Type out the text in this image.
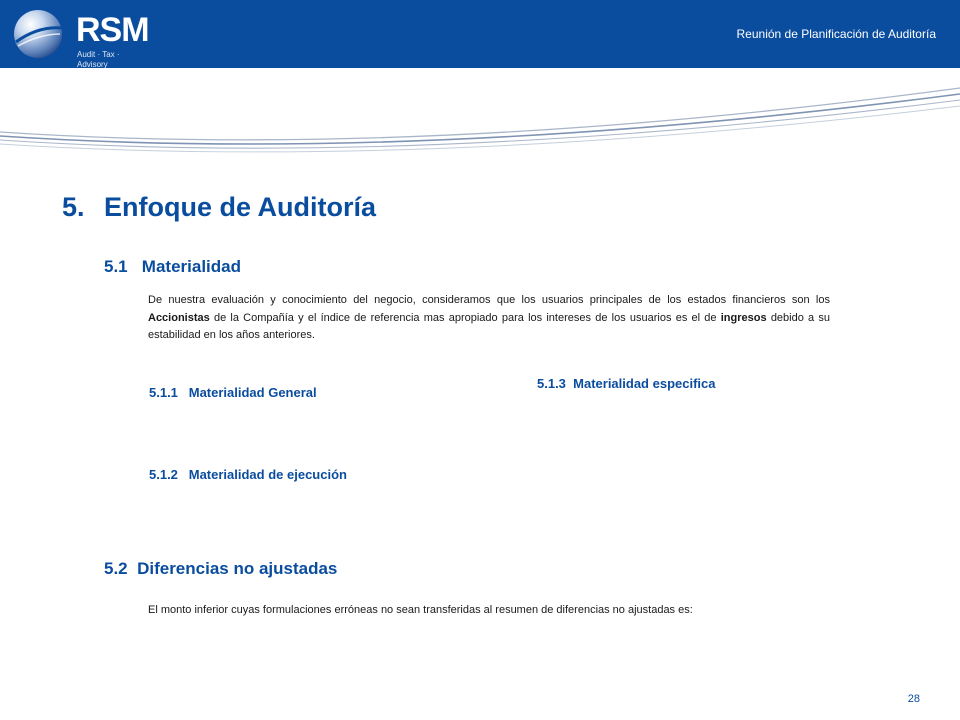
RSM
Audit · Tax · Advisory
Reunión de Planificación de Auditoría
5. Enfoque de Auditoría
5.1   Materialidad
De nuestra evaluación y conocimiento del negocio, consideramos que los usuarios principales de los estados financieros son los Accionistas de la Compañía y el índice de referencia mas apropiado para los intereses de los usuarios es el de ingresos debido a su estabilidad en los años anteriores.
5.1.1   Materialidad General
5.1.3  Materialidad especifica
5.1.2   Materialidad de ejecución
5.2  Diferencias no ajustadas
El monto inferior cuyas formulaciones erróneas no sean transferidas al resumen de diferencias no ajustadas es:
28
